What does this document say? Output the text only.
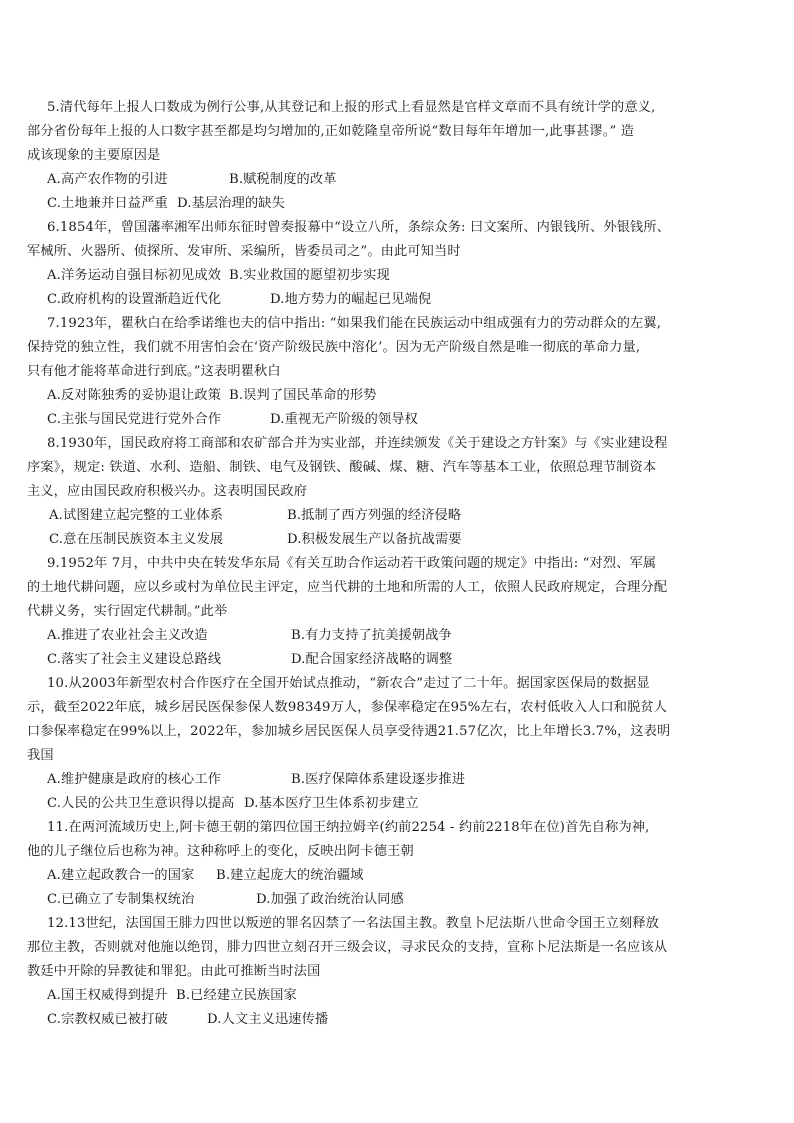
5.清代每年上报人口数成为例行公事,从其登记和上报的形式上看显然是官样文章而不具有统计学的意义,
部分省份每年上报的人口数字甚至都是均匀增加的,正如乾隆皇帝所说“数目每年年增加一,此事甚谬。” 造
成该现象的主要原因是
A.高产农作物的引进	B.赋税制度的改革
C.土地兼并日益严重 D.基层治理的缺失
6.1854年，曾国藩率湘军出师东征时曾奏报幕中“设立八所，条综众务: 曰文案所、内银钱所、外银钱所、
军械所、火器所、侦探所、发审所、采编所，皆委员司之”。由此可知当时
A.洋务运动自强目标初见成效 B.实业救国的愿望初步实现
C.政府机构的设置渐趋近代化	D.地方势力的崛起已见端倪
7.1923年，瞿秋白在给季诺维也夫的信中指出: “如果我们能在民族运动中组成强有力的劳动群众的左翼,
保持党的独立性，我们就不用害怕会在‘资产阶级民族中溶化’。因为无产阶级自然是唯一彻底的革命力量,
只有他才能将革命进行到底。”这表明瞿秋白
A.反对陈独秀的妥协退让政策 B.误判了国民革命的形势
C.主张与国民党进行党外合作	D.重视无产阶级的领导权
8.1930年，国民政府将工商部和农矿部合并为实业部，并连续颁发《关于建设之方针案》与《实业建设程
序案》，规定: 铁道、水利、造船、制铁、电气及钢铁、酸碱、煤、糖、汽车等基本工业，依照总理节制资本
主义，应由国民政府积极兴办。这表明国民政府
A.试图建立起完整的工业体系	B.抵制了西方列强的经济侵略
C.意在压制民族资本主义发展	D.积极发展生产以备抗战需要
9.1952年 7月，中共中央在转发华东局《有关互助合作运动若干政策问题的规定》中指出: “对烈、军属
的土地代耕问题，应以乡或村为单位民主评定，应当代耕的土地和所需的人工，依照人民政府规定，合理分配
代耕义务，实行固定代耕制。”此举
A.推进了农业社会主义改造	B.有力支持了抗美援朝战争
C.落实了社会主义建设总路线	D.配合国家经济战略的调整
10.从2003年新型农村合作医疗在全国开始试点推动，“新农合”走过了二十年。据国家医保局的数据显
示，截至2022年底，城乡居民医保参保人数98349万人，参保率稳定在95%左右，农村低收入人口和脱贫人
口参保率稳定在99%以上，2022年，参加城乡居民医保人员享受待遇21.57亿次，比上年增长3.7%，这表明
我国
A.维护健康是政府的核心工作	B.医疗保障体系建设逐步推进
C.人民的公共卫生意识得以提高 D.基本医疗卫生体系初步建立
11.在两河流域历史上,阿卡德王朝的第四位国王纳拉姆辛(约前2254 - 约前2218年在位)首先自称为神,
他的儿子继位后也称为神。这种称呼上的变化，反映出阿卡德王朝
A.建立起政教合一的国家 B.建立起庞大的统治疆域
C.已确立了专制集权统治	D.加强了政治统治认同感
12.13世纪，法国国王腓力四世以叛逆的罪名囚禁了一名法国主教。教皇卜尼法斯八世命令国王立刻释放
那位主教，否则就对他施以绝罚，腓力四世立刻召开三级会议，寻求民众的支持，宣称卜尼法斯是一名应该从
教廷中开除的异教徒和罪犯。由此可推断当时法国
A.国王权威得到提升 B.已经建立民族国家
C.宗教权威已被打破	D.人文主义迅速传播
